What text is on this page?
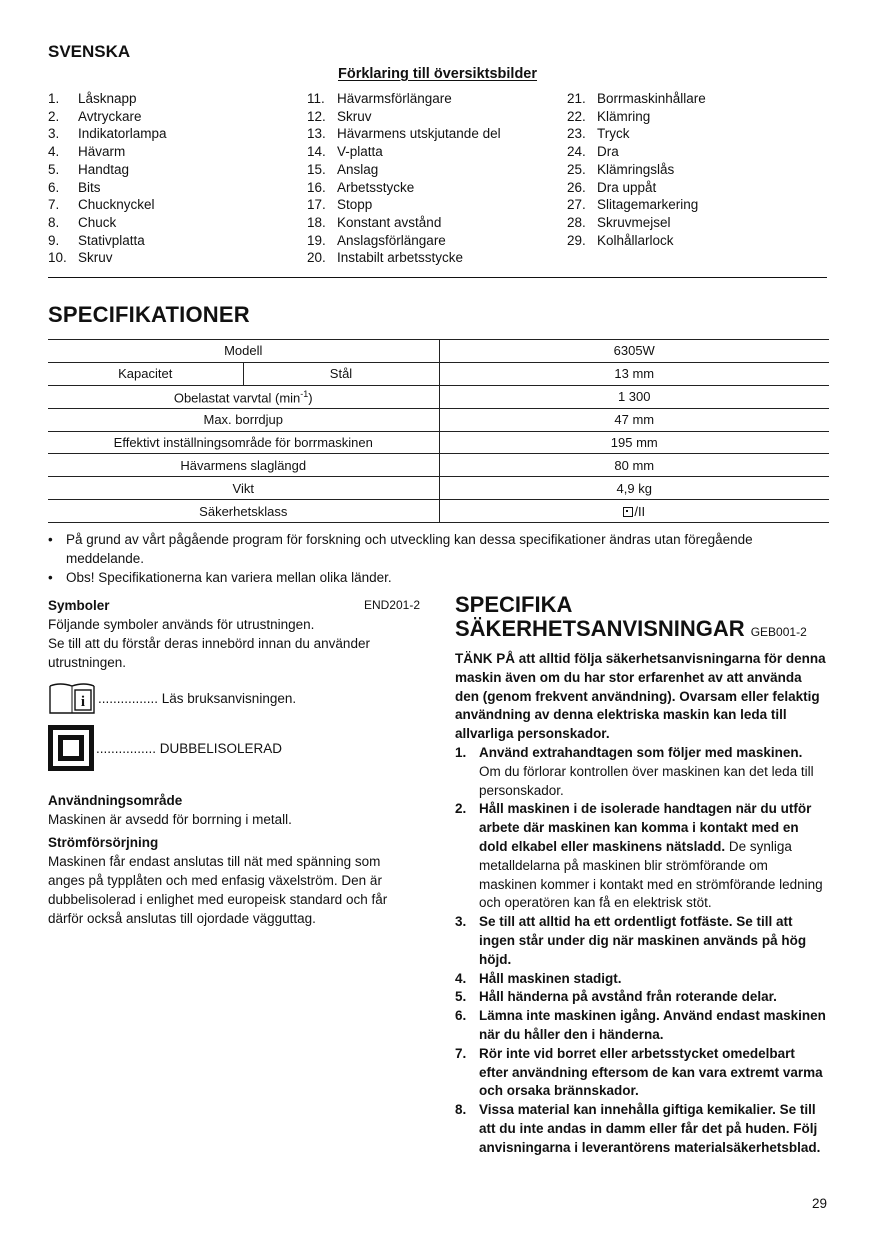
SVENSKA
Förklaring till översiktsbilder
1.	Låsknapp
2.	Avtryckare
3.	Indikatorlampa
4.	Hävarm
5.	Handtag
6.	Bits
7.	Chucknyckel
8.	Chuck
9.	Stativplatta
10. Skruv
11. Hävarmsförlängare
12. Skruv
13. Hävarmens utskjutande del
14. V-platta
15. Anslag
16. Arbetsstycke
17. Stopp
18. Konstant avstånd
19. Anslagsförlängare
20. Instabilt arbetsstycke
21. Borrmaskinhållare
22. Klämring
23. Tryck
24. Dra
25. Klämringslås
26. Dra uppåt
27. Slitagemarkering
28. Skruvmejsel
29. Kolhållarlock
SPECIFIKATIONER
Modell		6305W
Kapacitet	Stål	13 mm
Obelastat varvtal $(\min^{-1})$		1 300
Max. borrdjup		47 mm
Effektivt inställningsområde för borrmaskinen		195 mm
Hävarmens slaglängd		80 mm
Vikt		4,9 kg
Säkerhetsklass		/II
• På grund av vårt pågående program för forskning och utveckling kan dessa specifikationer ändras utan föregående meddelande.
• Obs! Specifikationerna kan variera mellan olika länder.
Symboler	END201-2
Följande symboler används för utrustningen.
Se till att du förstår deras innebörd innan du använder utrustningen.
i ................ Läs bruksanvisningen.
................ DUBBELISOLERAD
Användningsområde
Maskinen är avsedd för borrning i metall.
Strömförsörjning
Maskinen får endast anslutas till nät med spänning som anges på typplåten och med enfasig växelström. Den är dubbelisolerad i enlighet med europeisk standard och får därför också anslutas till ojordade vägguttag.
SPECIFIKA
SÄKERHETSANVISNINGAR GEB001-2
TÄNK PÅ att alltid följa säkerhetsanvisningarna för denna maskin även om du har stor erfarenhet av att använda den (genom frekvent användning). Ovarsam eller felaktig användning av denna elektriska maskin kan leda till allvarliga personskador.
1. Använd extrahandtagen som följer med maskinen. Om du förlorar kontrollen över maskinen kan det leda till personskador.
2. Håll maskinen i de isolerade handtagen när du utför arbete där maskinen kan komma i kontakt med en dold elkabel eller maskinens nätsladd. De synliga metalldelarna på maskinen blir strömförande om maskinen kommer i kontakt med en strömförande ledning och operatören kan få en elektrisk stöt.
3. Se till att alltid ha ett ordentligt fotfäste. Se till att ingen står under dig när maskinen används på hög höjd.
4. Håll maskinen stadigt.
5. Håll händerna på avstånd från roterande delar.
6. Lämna inte maskinen igång. Använd endast maskinen när du håller den i händerna.
7. Rör inte vid borret eller arbetsstycket omedelbart efter användning eftersom de kan vara extremt varma och orsaka brännskador.
8. Vissa material kan innehålla giftiga kemikalier. Se till att du inte andas in damm eller får det på huden. Följ anvisningarna i leverantörens materialsäkerhetsblad.
29
